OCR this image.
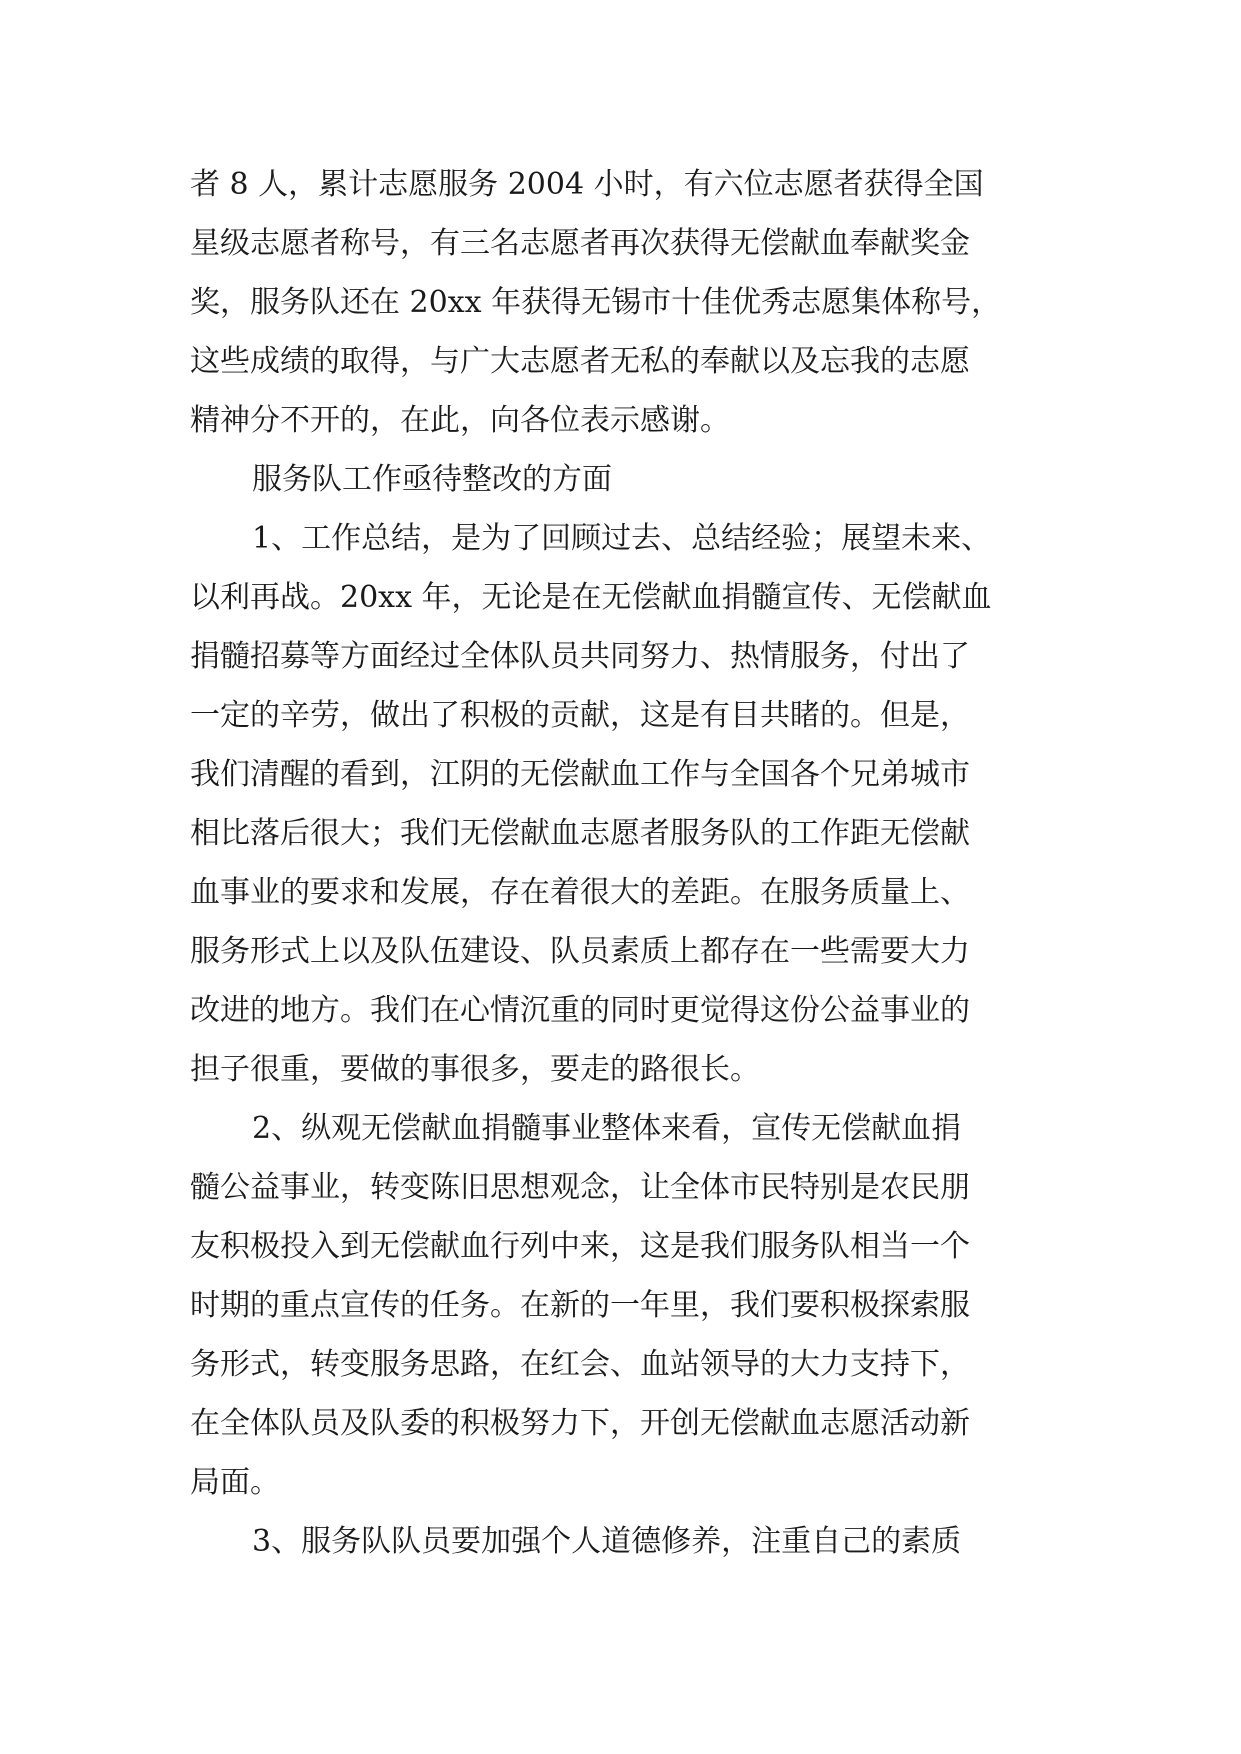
者 8 人，累计志愿服务 2004 小时，有六位志愿者获得全国
星级志愿者称号，有三名志愿者再次获得无偿献血奉献奖金
奖，服务队还在 20xx 年获得无锡市十佳优秀志愿集体称号，
这些成绩的取得，与广大志愿者无私的奉献以及忘我的志愿
精神分不开的，在此，向各位表示感谢。
服务队工作亟待整改的方面
1、工作总结，是为了回顾过去、总结经验；展望未来、
以利再战。20xx 年，无论是在无偿献血捐髓宣传、无偿献血
捐髓招募等方面经过全体队员共同努力、热情服务，付出了
一定的辛劳，做出了积极的贡献，这是有目共睹的。但是，
我们清醒的看到，江阴的无偿献血工作与全国各个兄弟城市
相比落后很大；我们无偿献血志愿者服务队的工作距无偿献
血事业的要求和发展，存在着很大的差距。在服务质量上、
服务形式上以及队伍建设、队员素质上都存在一些需要大力
改进的地方。我们在心情沉重的同时更觉得这份公益事业的
担子很重，要做的事很多，要走的路很长。
2、纵观无偿献血捐髓事业整体来看，宣传无偿献血捐
髓公益事业，转变陈旧思想观念，让全体市民特别是农民朋
友积极投入到无偿献血行列中来，这是我们服务队相当一个
时期的重点宣传的任务。在新的一年里，我们要积极探索服
务形式，转变服务思路，在红会、血站领导的大力支持下，
在全体队员及队委的积极努力下，开创无偿献血志愿活动新
局面。
3、服务队队员要加强个人道德修养，注重自己的素质
